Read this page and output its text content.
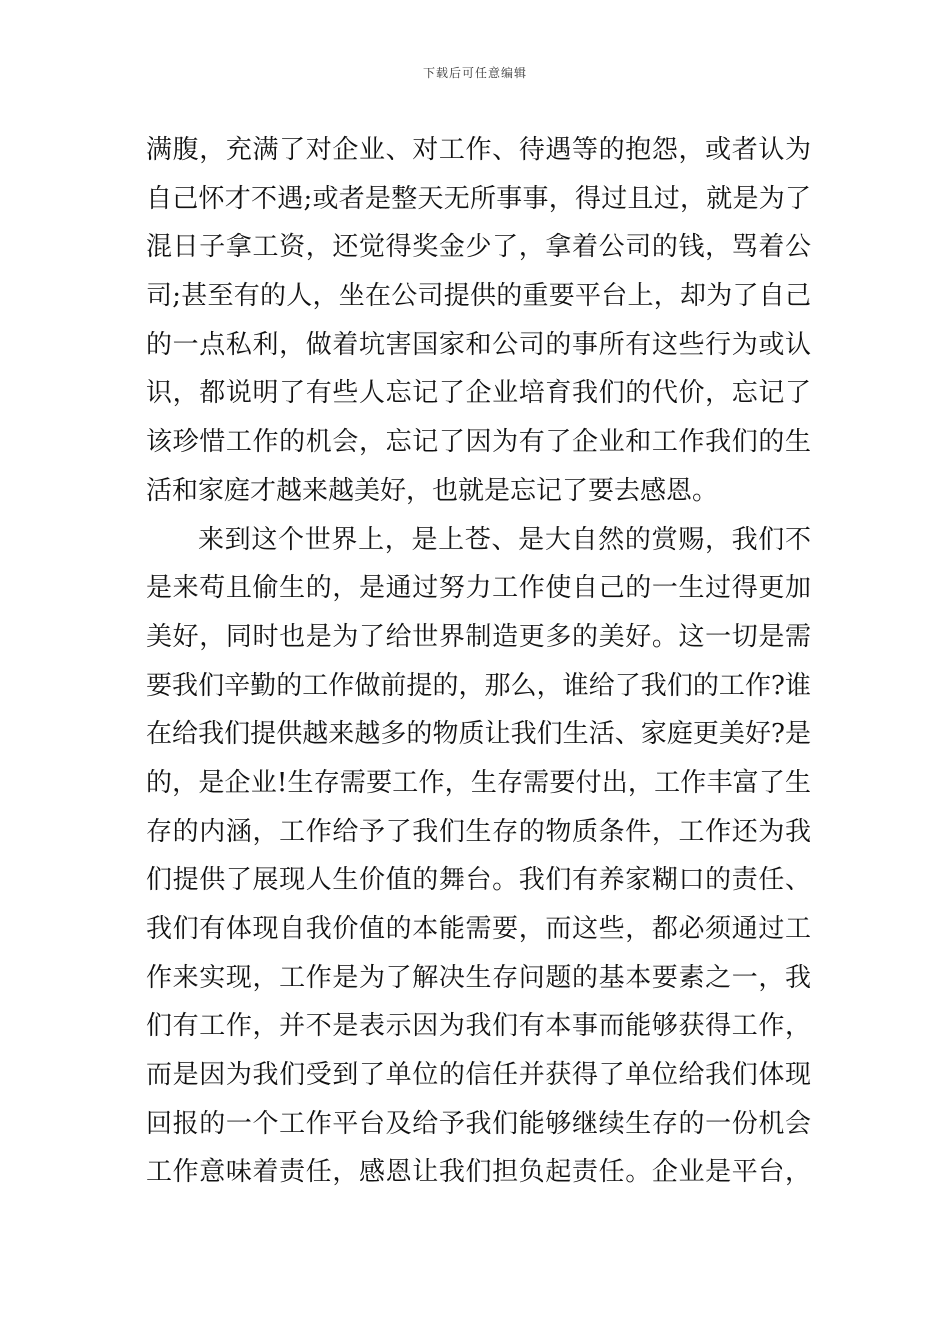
下载后可任意编辑
满腹，充满了对企业、对工作、待遇等的抱怨，或者认为
自己怀才不遇;或者是整天无所事事，得过且过，就是为了
混日子拿工资，还觉得奖金少了，拿着公司的钱，骂着公
司;甚至有的人，坐在公司提供的重要平台上，却为了自己
的一点私利，做着坑害国家和公司的事所有这些行为或认
识，都说明了有些人忘记了企业培育我们的代价，忘记了
该珍惜工作的机会，忘记了因为有了企业和工作我们的生
活和家庭才越来越美好，也就是忘记了要去感恩。
来到这个世界上，是上苍、是大自然的赏赐，我们不
是来苟且偷生的，是通过努力工作使自己的一生过得更加
美好，同时也是为了给世界制造更多的美好。这一切是需
要我们辛勤的工作做前提的，那么，谁给了我们的工作?谁
在给我们提供越来越多的物质让我们生活、家庭更美好?是
的，是企业!生存需要工作，生存需要付出，工作丰富了生
存的内涵，工作给予了我们生存的物质条件，工作还为我
们提供了展现人生价值的舞台。我们有养家糊口的责任、
我们有体现自我价值的本能需要，而这些，都必须通过工
作来实现，工作是为了解决生存问题的基本要素之一，我
们有工作，并不是表示因为我们有本事而能够获得工作，
而是因为我们受到了单位的信任并获得了单位给我们体现
回报的一个工作平台及给予我们能够继续生存的一份机会
工作意味着责任，感恩让我们担负起责任。企业是平台，
